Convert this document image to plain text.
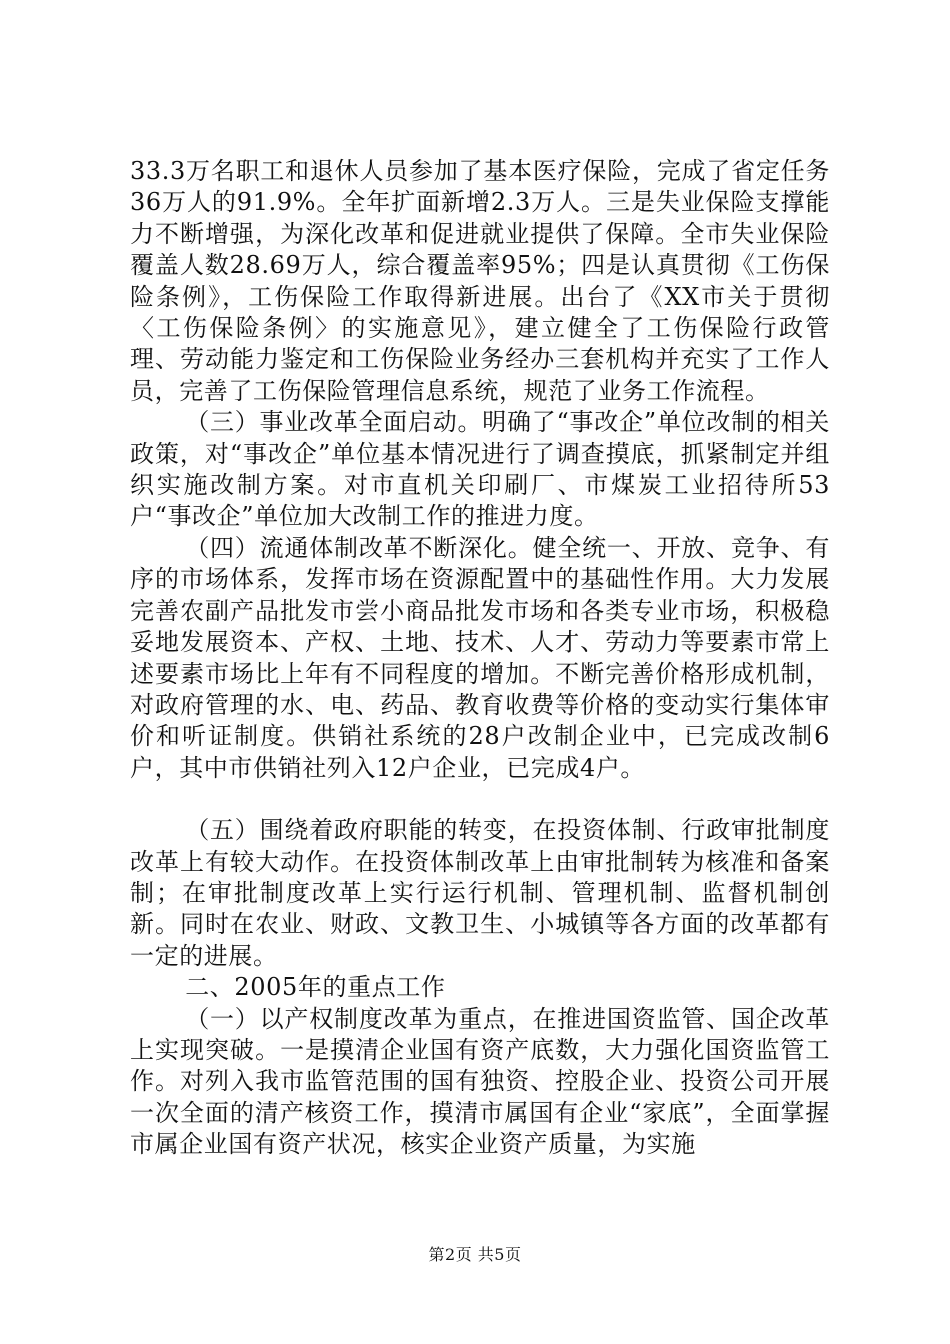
33.3万名职工和退休人员参加了基本医疗保险，完成了省定任务36万人的91.9%。全年扩面新增2.3万人。三是失业保险支撑能力不断增强，为深化改革和促进就业提供了保障。全市失业保险覆盖人数28.69万人，综合覆盖率95%；四是认真贯彻《工伤保险条例》，工伤保险工作取得新进展。出台了《XX市关于贯彻〈工伤保险条例〉的实施意见》，建立健全了工伤保险行政管理、劳动能力鉴定和工伤保险业务经办三套机构并充实了工作人员，完善了工伤保险管理信息系统，规范了业务工作流程。

（三）事业改革全面启动。明确了“事改企”单位改制的相关政策，对“事改企”单位基本情况进行了调查摸底，抓紧制定并组织实施改制方案。对市直机关印刷厂、市煤炭工业招待所53户“事改企”单位加大改制工作的推进力度。

（四）流通体制改革不断深化。健全统一、开放、竞争、有序的市场体系，发挥市场在资源配置中的基础性作用。大力发展完善农副产品批发市尝小商品批发市场和各类专业市场，积极稳妥地发展资本、产权、土地、技术、人才、劳动力等要素市常上述要素市场比上年有不同程度的增加。不断完善价格形成机制，对政府管理的水、电、药品、教育收费等价格的变动实行集体审价和听证制度。供销社系统的28户改制企业中，已完成改制6户，其中市供销社列入12户企业，已完成4户。

（五）围绕着政府职能的转变，在投资体制、行政审批制度改革上有较大动作。在投资体制改革上由审批制转为核准和备案制；在审批制度改革上实行运行机制、管理机制、监督机制创新。同时在农业、财政、文教卫生、小城镇等各方面的改革都有一定的进展。

二、2005年的重点工作

（一）以产权制度改革为重点，在推进国资监管、国企改革上实现突破。一是摸清企业国有资产底数，大力强化国资监管工作。对列入我市监管范围的国有独资、控股企业、投资公司开展一次全面的清产核资工作，摸清市属国有企业“家底”，全面掌握市属企业国有资产状况，核实企业资产质量，为实施

第2页 共5页
